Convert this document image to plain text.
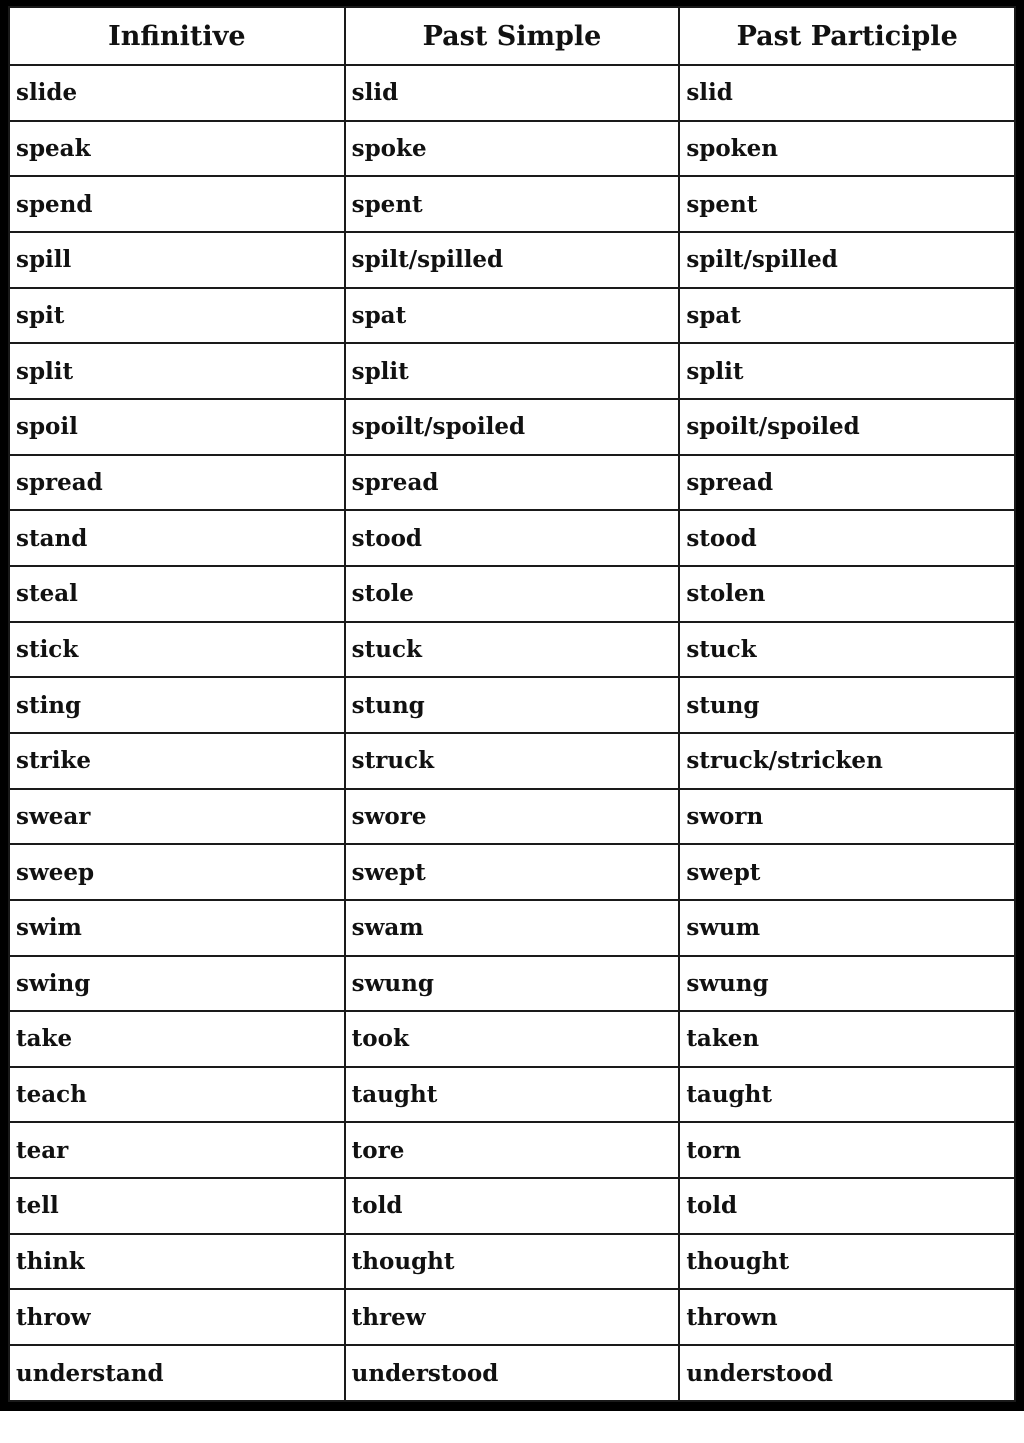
Infinitive	Past Simple	Past Participle
slide	slid	slid
speak	spoke	spoken
spend	spent	spent
spill	spilt/spilled	spilt/spilled
spit	spat	spat
split	split	split
spoil	spoilt/spoiled	spoilt/spoiled
spread	spread	spread
stand	stood	stood
steal	stole	stolen
stick	stuck	stuck
sting	stung	stung
strike	struck	struck/stricken
swear	swore	sworn
sweep	swept	swept
swim	swam	swum
swing	swung	swung
take	took	taken
teach	taught	taught
tear	tore	torn
tell	told	told
think	thought	thought
throw	threw	thrown
understand	understood	understood
